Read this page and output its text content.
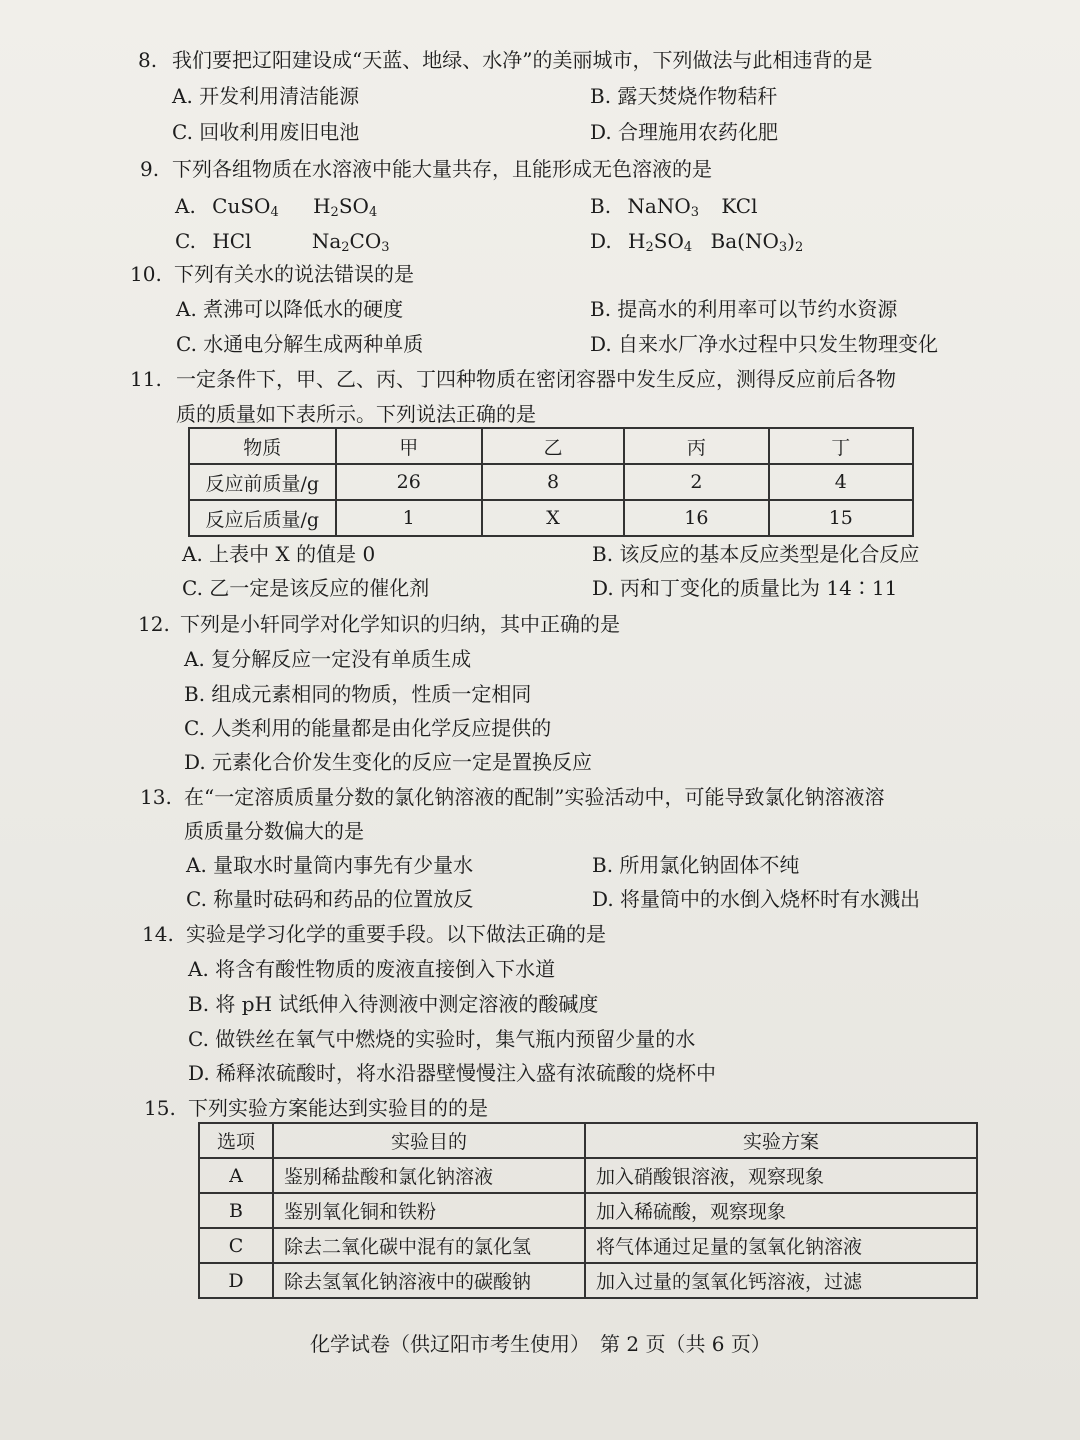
8. 我们要把辽阳建设成“天蓝、地绿、水净”的美丽城市，下列做法与此相违背的是
A. 开发利用清洁能源	B. 露天焚烧作物秸秆
C. 回收利用废旧电池	D. 合理施用农药化肥
9. 下列各组物质在水溶液中能大量共存，且能形成无色溶液的是
A. CuSO$_4$ $H_2SO_4$	B. NaNO$_3$ KCl
C. HCl	$Na_2CO_3$	D. $H_2SO_4$ $Ba(NO_3)_2$
10. 下列有关水的说法错误的是
A. 煮沸可以降低水的硬度	B. 提高水的利用率可以节约水资源
C. 水通电分解生成两种单质	D. 自来水厂净水过程中只发生物理变化
11. 一定条件下，甲、乙、丙、丁四种物质在密闭容器中发生反应，测得反应前后各物
质的质量如下表所示。下列说法正确的是
物质	甲	乙	丙	丁
反应前质量/g	26	8	2	4
反应后质量/g	1	X	16	15
A. 上表中 X 的值是 0	B. 该反应的基本反应类型是化合反应
C. 乙一定是该反应的催化剂	D. 丙和丁变化的质量比为 14∶11
12. 下列是小轩同学对化学知识的归纳，其中正确的是
A. 复分解反应一定没有单质生成
B. 组成元素相同的物质，性质一定相同
C. 人类利用的能量都是由化学反应提供的
D. 元素化合价发生变化的反应一定是置换反应
13. 在“一定溶质质量分数的氯化钠溶液的配制”实验活动中，可能导致氯化钠溶液溶
质质量分数偏大的是
A. 量取水时量筒内事先有少量水	B. 所用氯化钠固体不纯
C. 称量时砝码和药品的位置放反	D. 将量筒中的水倒入烧杯时有水溅出
14. 实验是学习化学的重要手段。以下做法正确的是
A. 将含有酸性物质的废液直接倒入下水道
B. 将 pH 试纸伸入待测液中测定溶液的酸碱度
C. 做铁丝在氧气中燃烧的实验时，集气瓶内预留少量的水
D. 稀释浓硫酸时，将水沿器壁慢慢注入盛有浓硫酸的烧杯中
15. 下列实验方案能达到实验目的的是
选项	实验目的	实验方案
A	鉴别稀盐酸和氯化钠溶液	加入硝酸银溶液，观察现象
B	鉴别氧化铜和铁粉	加入稀硫酸，观察现象
C	除去二氧化碳中混有的氯化氢	将气体通过足量的氢氧化钠溶液
D	除去氢氧化钠溶液中的碳酸钠	加入过量的氢氧化钙溶液，过滤
化学试卷（供辽阳市考生使用）　第 2 页（共 6 页）
